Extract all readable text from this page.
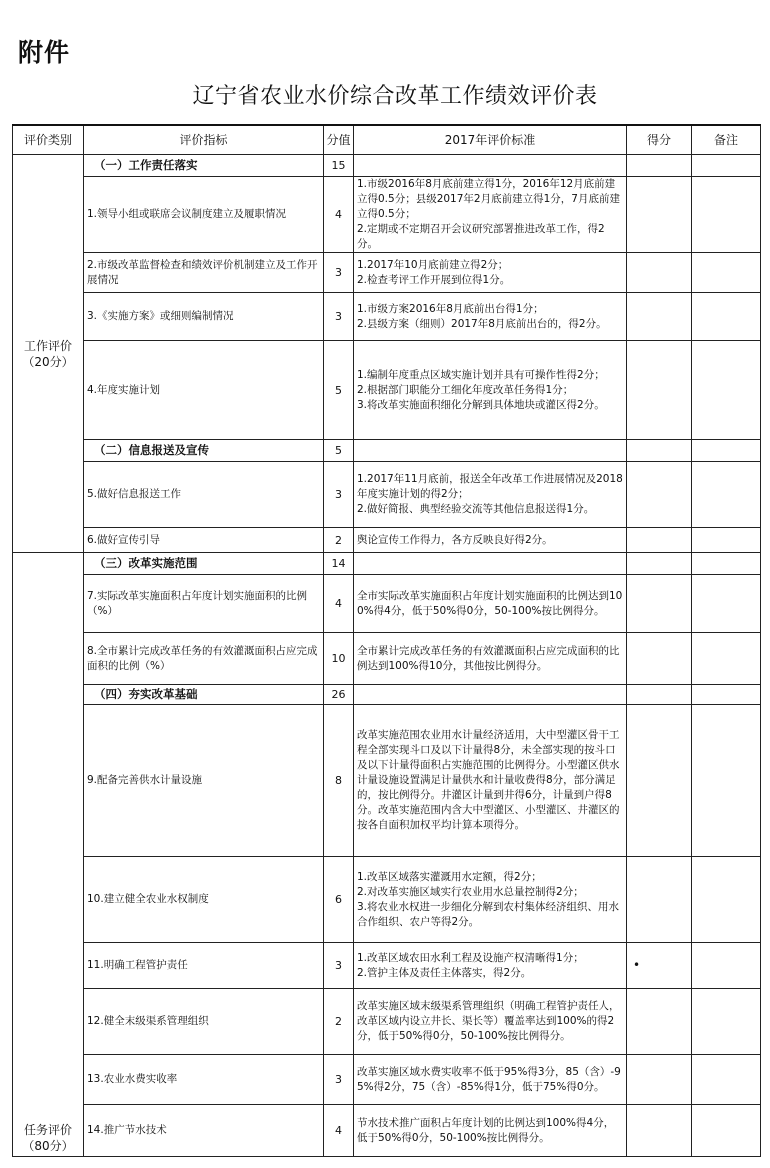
附件
辽宁省农业水价综合改革工作绩效评价表
评价类别	评价指标	分值	2017年评价标准	得分	备注
工作评价
（20分）	（一）工作责任落实	15			
	1.领导小组或联席会议制度建立及履职情况	4	1.市级2016年8月底前建立得1分，2016年12月底前建立得0.5分；县级2017年2月底前建立得1分，7月底前建立得0.5分；
2.定期或不定期召开会议研究部署推进改革工作，得2分。		
	2.市级改革监督检查和绩效评价机制建立及工作开展情况	3	1.2017年10月底前建立得2分；
2.检查考评工作开展到位得1分。		
	3.《实施方案》或细则编制情况	3	1.市级方案2016年8月底前出台得1分；
2.县级方案（细则）2017年8月底前出台的，得2分。		
	4.年度实施计划	5	1.编制年度重点区域实施计划并具有可操作性得2分；
2.根据部门职能分工细化年度改革任务得1分；
3.将改革实施面积细化分解到具体地块或灌区得2分。		
	（二）信息报送及宣传	5			
	5.做好信息报送工作	3	1.2017年11月底前，报送全年改革工作进展情况及2018年度实施计划的得2分；
2.做好简报、典型经验交流等其他信息报送得1分。		
	6.做好宣传引导	2	舆论宣传工作得力，各方反映良好得2分。		
任务评价
（80分）	（三）改革实施范围	14			
	7.实际改革实施面积占年度计划实施面积的比例（%）	4	全市实际改革实施面积占年度计划实施面积的比例达到100%得4分，低于50%得0分，50-100%按比例得分。		
	8.全市累计完成改革任务的有效灌溉面积占应完成面积的比例（%）	10	全市累计完成改革任务的有效灌溉面积占应完成面积的比例达到100%得10分，其他按比例得分。		
	（四）夯实改革基础	26			
	9.配备完善供水计量设施	8	改革实施范围农业用水计量经济适用，大中型灌区骨干工程全部实现斗口及以下计量得8分，未全部实现的按斗口及以下计量得面积占实施范围的比例得分。小型灌区供水计量设施设置满足计量供水和计量收费得8分，部分满足的，按比例得分。井灌区计量到井得6分，计量到户得8分。改革实施范围内含大中型灌区、小型灌区、井灌区的按各自面积加权平均计算本项得分。		
	10.建立健全农业水权制度	6	1.改革区域落实灌溉用水定额，得2分；
2.对改革实施区域实行农业用水总量控制得2分；
3.将农业水权进一步细化分解到农村集体经济组织、用水合作组织、农户等得2分。		
	11.明确工程管护责任	3	1.改革区域农田水利工程及设施产权清晰得1分；
2.管护主体及责任主体落实，得2分。	•	
	12.健全末级渠系管理组织	2	改革实施区域末级渠系管理组织（明确工程管护责任人，改革区域内设立井长、渠长等）覆盖率达到100%的得2分，低于50%得0分，50-100%按比例得分。		
	13.农业水费实收率	3	改革实施区域水费实收率不低于95%得3分，85（含）-95%得2分，75（含）-85%得1分，低于75%得0分。		
	14.推广节水技术	4	节水技术推广面积占年度计划的比例达到100%得4分，低于50%得0分，50-100%按比例得分。		
